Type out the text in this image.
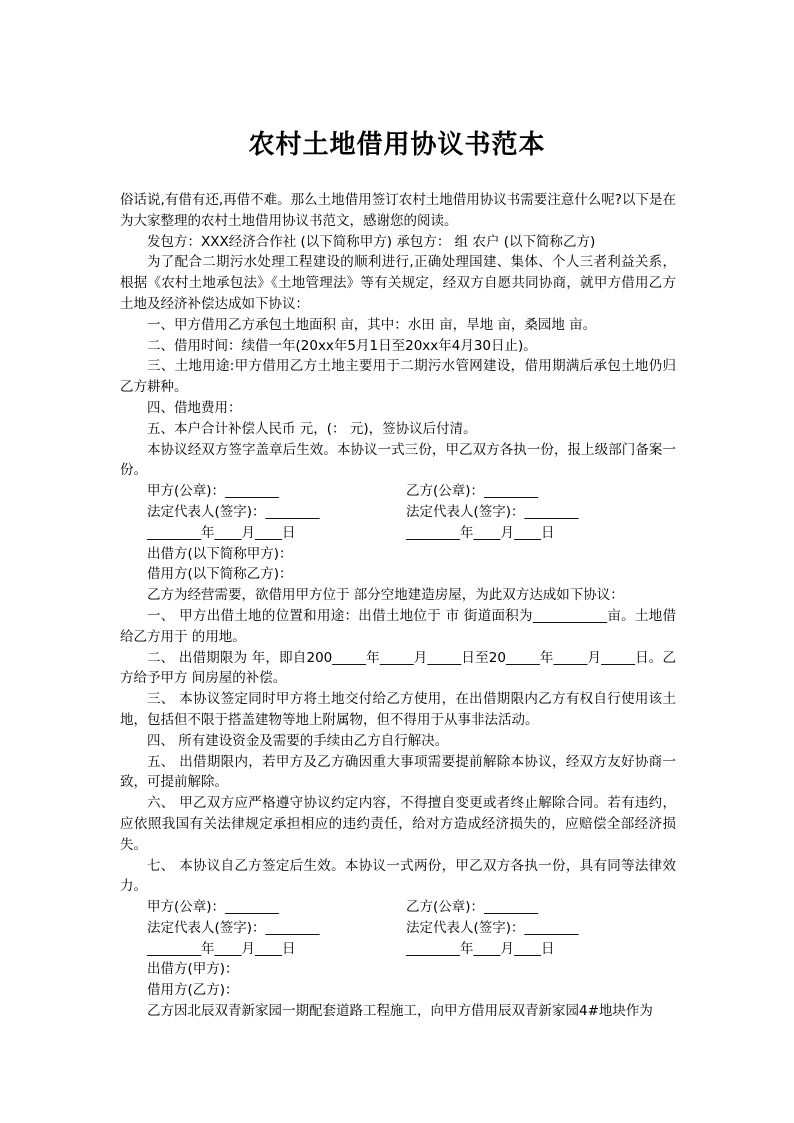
农村土地借用协议书范本

俗话说,有借有还,再借不难。那么土地借用签订农村土地借用协议书需要注意什么呢?以下是在为大家整理的农村土地借用协议书范文，感谢您的阅读。

发包方：XXX经济合作社 (以下简称甲方) 承包方： 组 农户 (以下简称乙方)

为了配合二期污水处理工程建设的顺利进行,正确处理国建、集体、个人三者利益关系，根据《农村土地承包法》《土地管理法》等有关规定，经双方自愿共同协商，就甲方借用乙方土地及经济补偿达成如下协议：

一、甲方借用乙方承包土地面积 亩，其中：水田 亩，旱地 亩，桑园地 亩。

二、借用时间：续借一年(20xx年5月1日至20xx年4月30日止)。

三、土地用途:甲方借用乙方土地主要用于二期污水管网建设，借用期满后承包土地仍归乙方耕种。

四、借地费用：

五、本户合计补偿人民币 元，(： 元)，签协议后付清。

本协议经双方签字盖章后生效。本协议一式三份，甲乙双方各执一份，报上级部门备案一份。

甲方(公章)：________	乙方(公章)：________
法定代表人(签字)：________	法定代表人(签字)：________
________年____月____日	________年____月____日

出借方(以下简称甲方)：

借用方(以下简称乙方)：

乙方为经营需要，欲借用甲方位于 部分空地建造房屋，为此双方达成如下协议：

一、 甲方出借土地的位置和用途：出借土地位于 市 街道面积为___________亩。土地借给乙方用于 的用地。

二、 出借期限为 年，即自200_____年_____月_____日至20_____年_____月_____日。乙方给予甲方 间房屋的补偿。

三、 本协议签定同时甲方将土地交付给乙方使用，在出借期限内乙方有权自行使用该土地，包括但不限于搭盖建物等地上附属物，但不得用于从事非法活动。

四、 所有建设资金及需要的手续由乙方自行解决。

五、 出借期限内，若甲方及乙方确因重大事项需要提前解除本协议，经双方友好协商一致，可提前解除。

六、 甲乙双方应严格遵守协议约定内容，不得擅自变更或者终止解除合同。若有违约，应依照我国有关法律规定承担相应的违约责任，给对方造成经济损失的，应赔偿全部经济损失。

七、 本协议自乙方签定后生效。本协议一式两份，甲乙双方各执一份，具有同等法律效力。

甲方(公章)：________	乙方(公章)：________
法定代表人(签字)：________	法定代表人(签字)：________
________年____月____日	________年____月____日

出借方(甲方)：

借用方(乙方)：

乙方因北辰双青新家园一期配套道路工程施工，向甲方借用辰双青新家园4#地块作为
